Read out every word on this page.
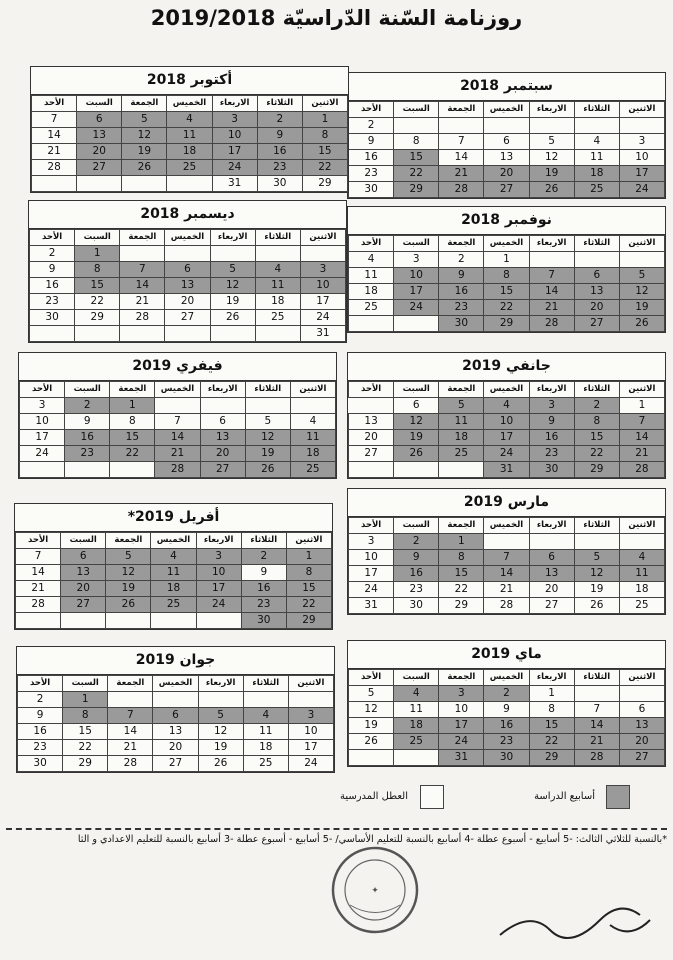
روزنامة السّنة الدّراسيّة 2019/2018
سبتمبر 2018
الاثنين	الثلاثاء	الاربعاء	الخميس	الجمعة	السبت	الأحد
						2
3	4	5	6	7	8	9
10	11	12	13	14	15	16
17	18	19	20	21	22	23
24	25	26	27	28	29	30
أكتوبر 2018
الاثنين	الثلاثاء	الاربعاء	الخميس	الجمعة	السبت	الأحد
1	2	3	4	5	6	7
8	9	10	11	12	13	14
15	16	17	18	19	20	21
22	23	24	25	26	27	28
29	30	31				
نوفمبر 2018
الاثنين	الثلاثاء	الاربعاء	الخميس	الجمعة	السبت	الأحد
			1	2	3	4
5	6	7	8	9	10	11
12	13	14	15	16	17	18
19	20	21	22	23	24	25
26	27	28	29	30		
ديسمبر 2018
الاثنين	الثلاثاء	الاربعاء	الخميس	الجمعة	السبت	الأحد
					1	2
3	4	5	6	7	8	9
10	11	12	13	14	15	16
17	18	19	20	21	22	23
24	25	26	27	28	29	30
31						
جانفي 2019
الاثنين	الثلاثاء	الاربعاء	الخميس	الجمعة	السبت	الأحد
1	2	3	4	5	6	
7	8	9	10	11	12	13
14	15	16	17	18	19	20
21	22	23	24	25	26	27
28	29	30	31			
فيفري 2019
الاثنين	الثلاثاء	الاربعاء	الخميس	الجمعة	السبت	الأحد
				1	2	3
4	5	6	7	8	9	10
11	12	13	14	15	16	17
18	19	20	21	22	23	24
25	26	27	28			
مارس 2019
الاثنين	الثلاثاء	الاربعاء	الخميس	الجمعة	السبت	الأحد
				1	2	3
4	5	6	7	8	9	10
11	12	13	14	15	16	17
18	19	20	21	22	23	24
25	26	27	28	29	30	31
أفريل 2019*
الاثنين	الثلاثاء	الاربعاء	الخميس	الجمعة	السبت	الأحد
1	2	3	4	5	6	7
8	9	10	11	12	13	14
15	16	17	18	19	20	21
22	23	24	25	26	27	28
29	30					
ماي 2019
الاثنين	الثلاثاء	الاربعاء	الخميس	الجمعة	السبت	الأحد
		1	2	3	4	5
6	7	8	9	10	11	12
13	14	15	16	17	18	19
20	21	22	23	24	25	26
27	28	29	30	31		
جوان 2019
الاثنين	الثلاثاء	الاربعاء	الخميس	الجمعة	السبت	الأحد
					1	2
3	4	5	6	7	8	9
10	11	12	13	14	15	16
17	18	19	20	21	22	23
24	25	26	27	28	29	30
أسابيع الدراسة
العطل المدرسية
*بالنسبة للثلاثي الثالث: -5 أسابيع - أسبوع عطلة -4 أسابيع بالنسبة للتعليم الأساسي/ -5 أسابيع - أسبوع عطلة -3 أسابيع بالنسبة للتعليم الاعدادي و الثا
✦
